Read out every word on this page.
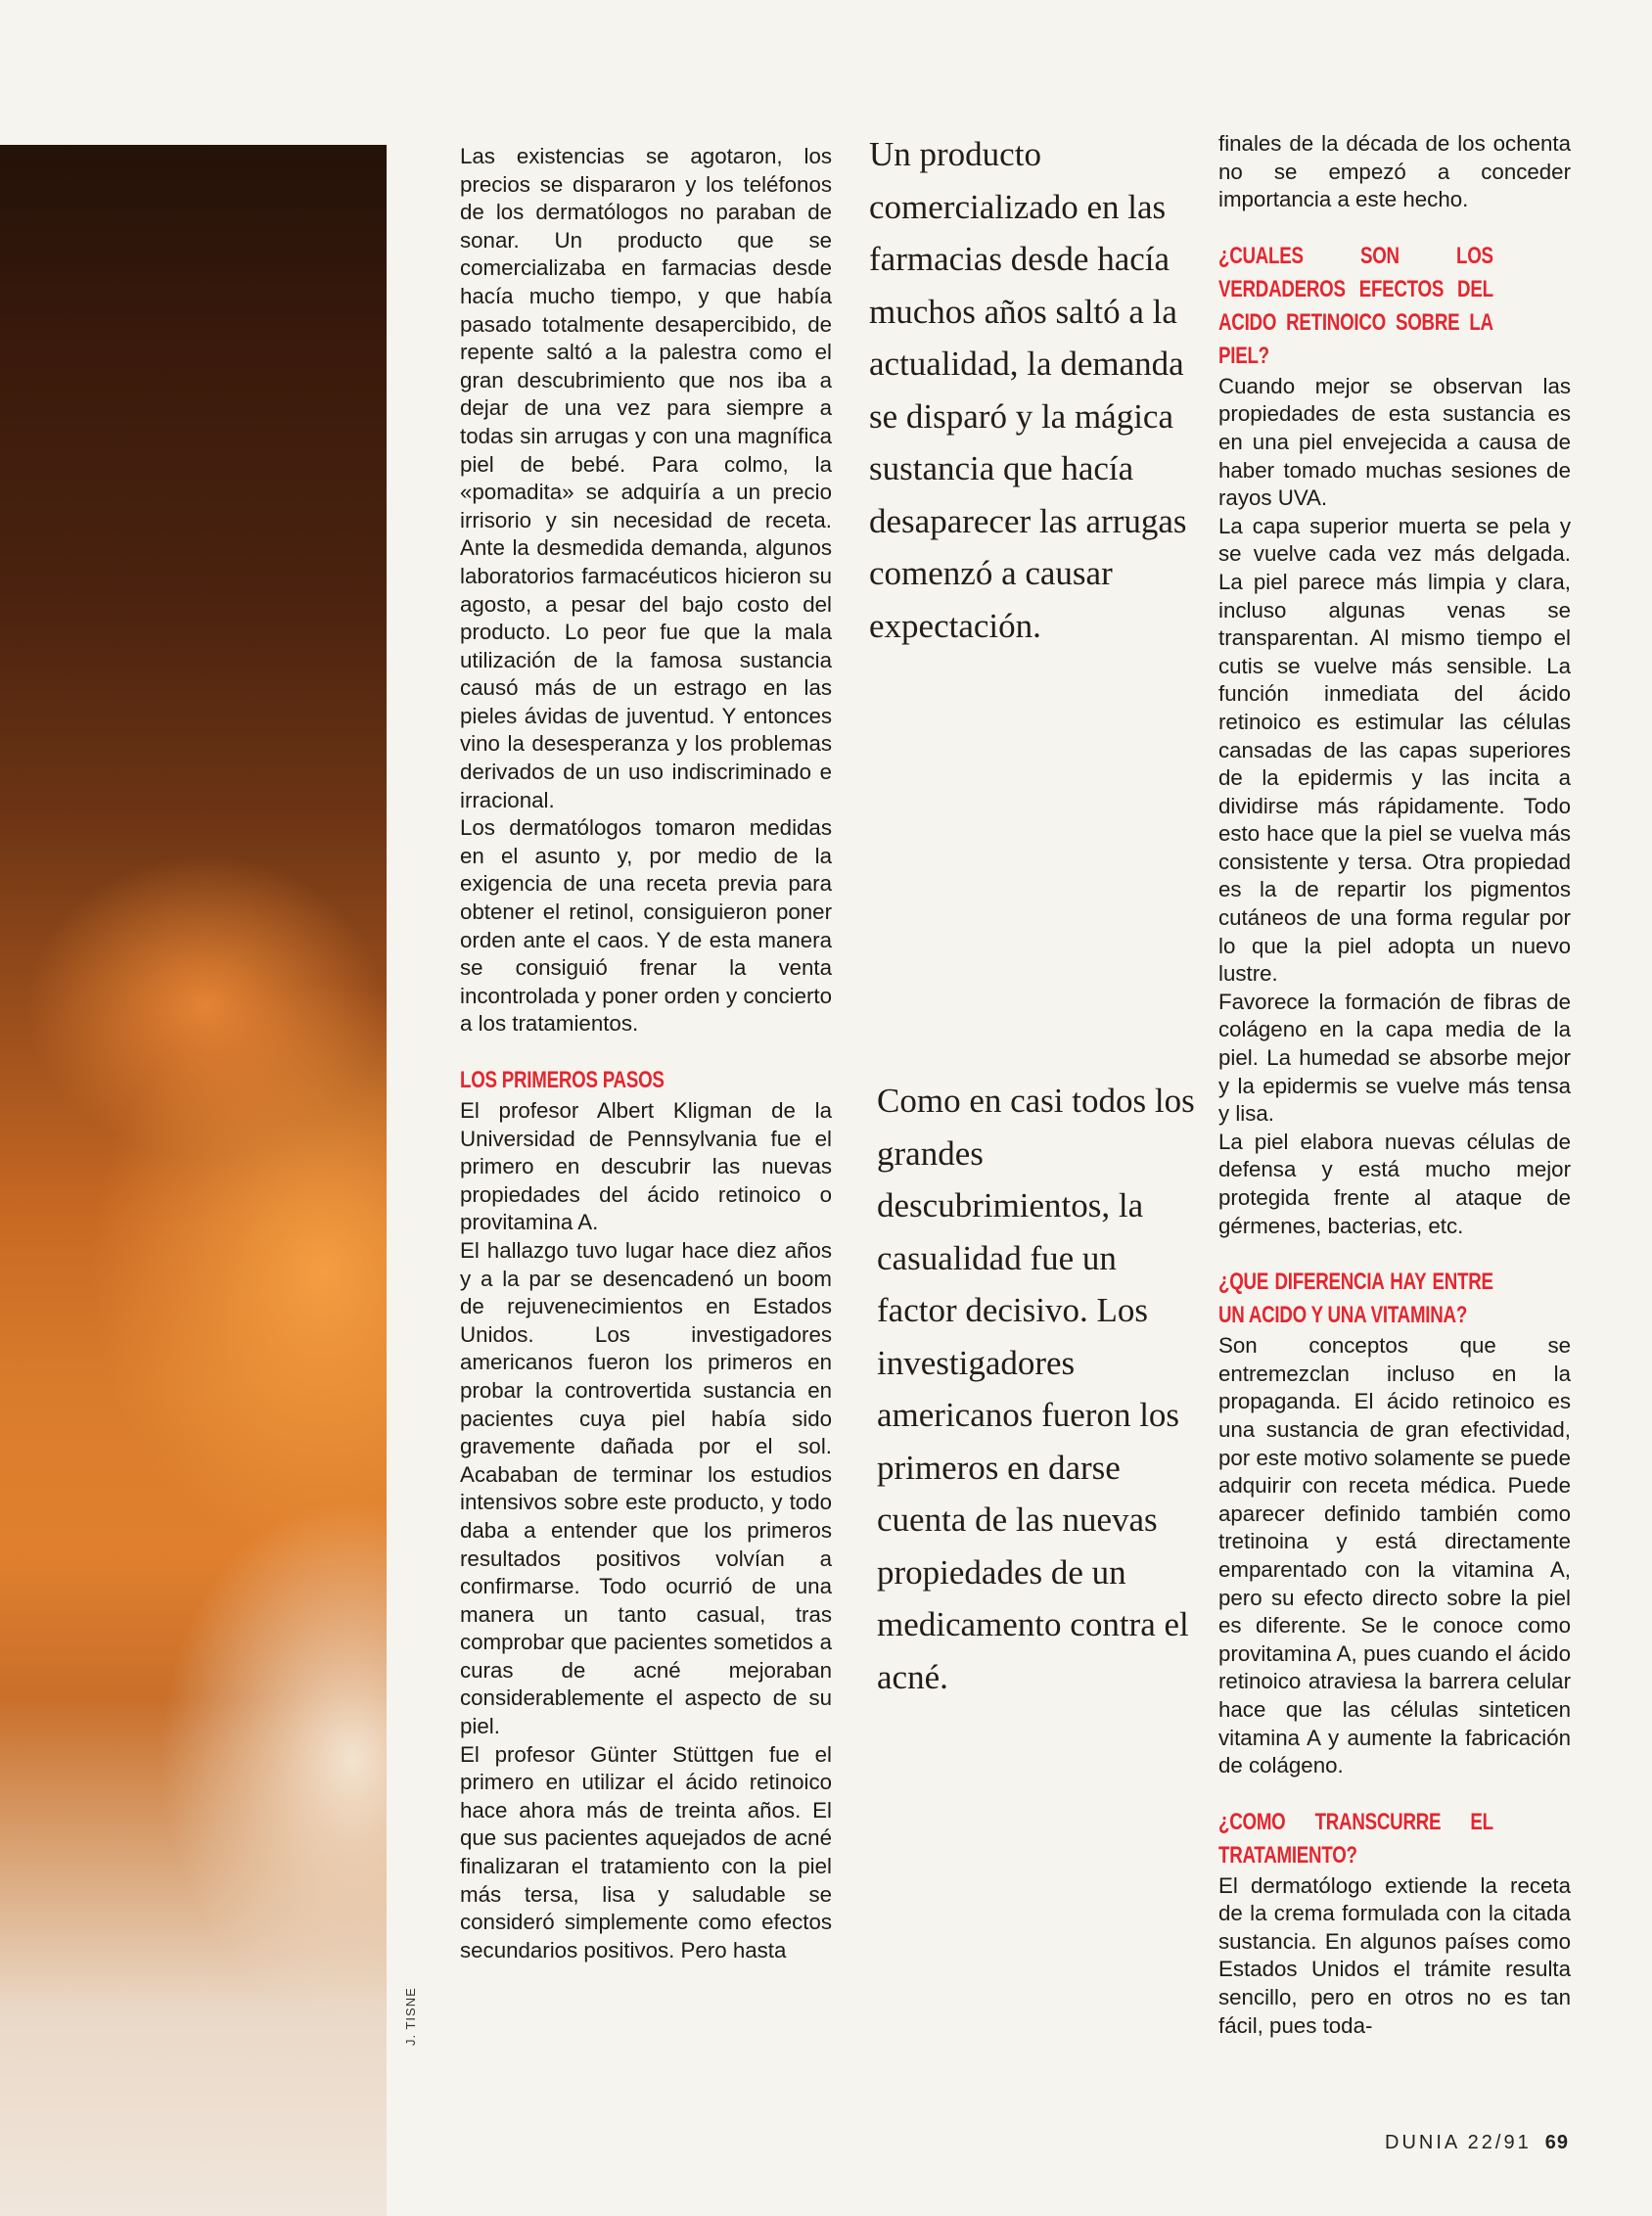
J. TISNE

Las existencias se agotaron, los precios se dispararon y los teléfonos de los dermatólogos no paraban de sonar. Un producto que se comercializaba en farmacias desde hacía mucho tiempo, y que había pasado totalmente desapercibido, de repente saltó a la palestra como el gran descubrimiento que nos iba a dejar de una vez para siempre a todas sin arrugas y con una magnífica piel de bebé. Para colmo, la «pomadita» se adquiría a un precio irrisorio y sin necesidad de receta. Ante la desmedida demanda, algunos laboratorios farmacéuticos hicieron su agosto, a pesar del bajo costo del producto. Lo peor fue que la mala utilización de la famosa sustancia causó más de un estrago en las pieles ávidas de juventud. Y entonces vino la desesperanza y los problemas derivados de un uso indiscriminado e irracional.

Los dermatólogos tomaron medidas en el asunto y, por medio de la exigencia de una receta previa para obtener el retinol, consiguieron poner orden ante el caos. Y de esta manera se consiguió frenar la venta incontrolada y poner orden y concierto a los tratamientos.

LOS PRIMEROS PASOS

El profesor Albert Kligman de la Universidad de Pennsylvania fue el primero en descubrir las nuevas propiedades del ácido retinoico o provitamina A.

El hallazgo tuvo lugar hace diez años y a la par se desencadenó un boom de rejuvenecimientos en Estados Unidos. Los investigadores americanos fueron los primeros en probar la controvertida sustancia en pacientes cuya piel había sido gravemente dañada por el sol. Acababan de terminar los estudios intensivos sobre este producto, y todo daba a entender que los primeros resultados positivos volvían a confirmarse. Todo ocurrió de una manera un tanto casual, tras comprobar que pacientes sometidos a curas de acné mejoraban considerablemente el aspecto de su piel.

El profesor Günter Stüttgen fue el primero en utilizar el ácido retinoico hace ahora más de treinta años. El que sus pacientes aquejados de acné finalizaran el tratamiento con la piel más tersa, lisa y saludable se consideró simplemente como efectos secundarios positivos. Pero hasta

Un producto comercializado en las farmacias desde hacía muchos años saltó a la actualidad, la demanda se disparó y la mágica sustancia que hacía desaparecer las arrugas comenzó a causar expectación.

Como en casi todos los grandes descubrimientos, la casualidad fue un factor decisivo. Los investigadores americanos fueron los primeros en darse cuenta de las nuevas propiedades de un medicamento contra el acné.

finales de la década de los ochenta no se empezó a conceder importancia a este hecho.

¿CUALES SON LOS VERDADEROS EFECTOS DEL ACIDO RETINOICO SOBRE LA PIEL?

Cuando mejor se observan las propiedades de esta sustancia es en una piel envejecida a causa de haber tomado muchas sesiones de rayos UVA.

La capa superior muerta se pela y se vuelve cada vez más delgada. La piel parece más limpia y clara, incluso algunas venas se transparentan. Al mismo tiempo el cutis se vuelve más sensible. La función inmediata del ácido retinoico es estimular las células cansadas de las capas superiores de la epidermis y las incita a dividirse más rápidamente. Todo esto hace que la piel se vuelva más consistente y tersa. Otra propiedad es la de repartir los pigmentos cutáneos de una forma regular por lo que la piel adopta un nuevo lustre.

Favorece la formación de fibras de colágeno en la capa media de la piel. La humedad se absorbe mejor y la epidermis se vuelve más tensa y lisa.

La piel elabora nuevas células de defensa y está mucho mejor protegida frente al ataque de gérmenes, bacterias, etc.

¿QUE DIFERENCIA HAY ENTRE UN ACIDO Y UNA VITAMINA?

Son conceptos que se entremezclan incluso en la propaganda. El ácido retinoico es una sustancia de gran efectividad, por este motivo solamente se puede adquirir con receta médica. Puede aparecer definido también como tretinoina y está directamente emparentado con la vitamina A, pero su efecto directo sobre la piel es diferente. Se le conoce como provitamina A, pues cuando el ácido retinoico atraviesa la barrera celular hace que las células sinteticen vitamina A y aumente la fabricación de colágeno.

¿COMO TRANSCURRE EL TRATAMIENTO?

El dermatólogo extiende la receta de la crema formulada con la citada sustancia. En algunos países como Estados Unidos el trámite resulta sencillo, pero en otros no es tan fácil, pues toda-

DUNIA 22/91 69
